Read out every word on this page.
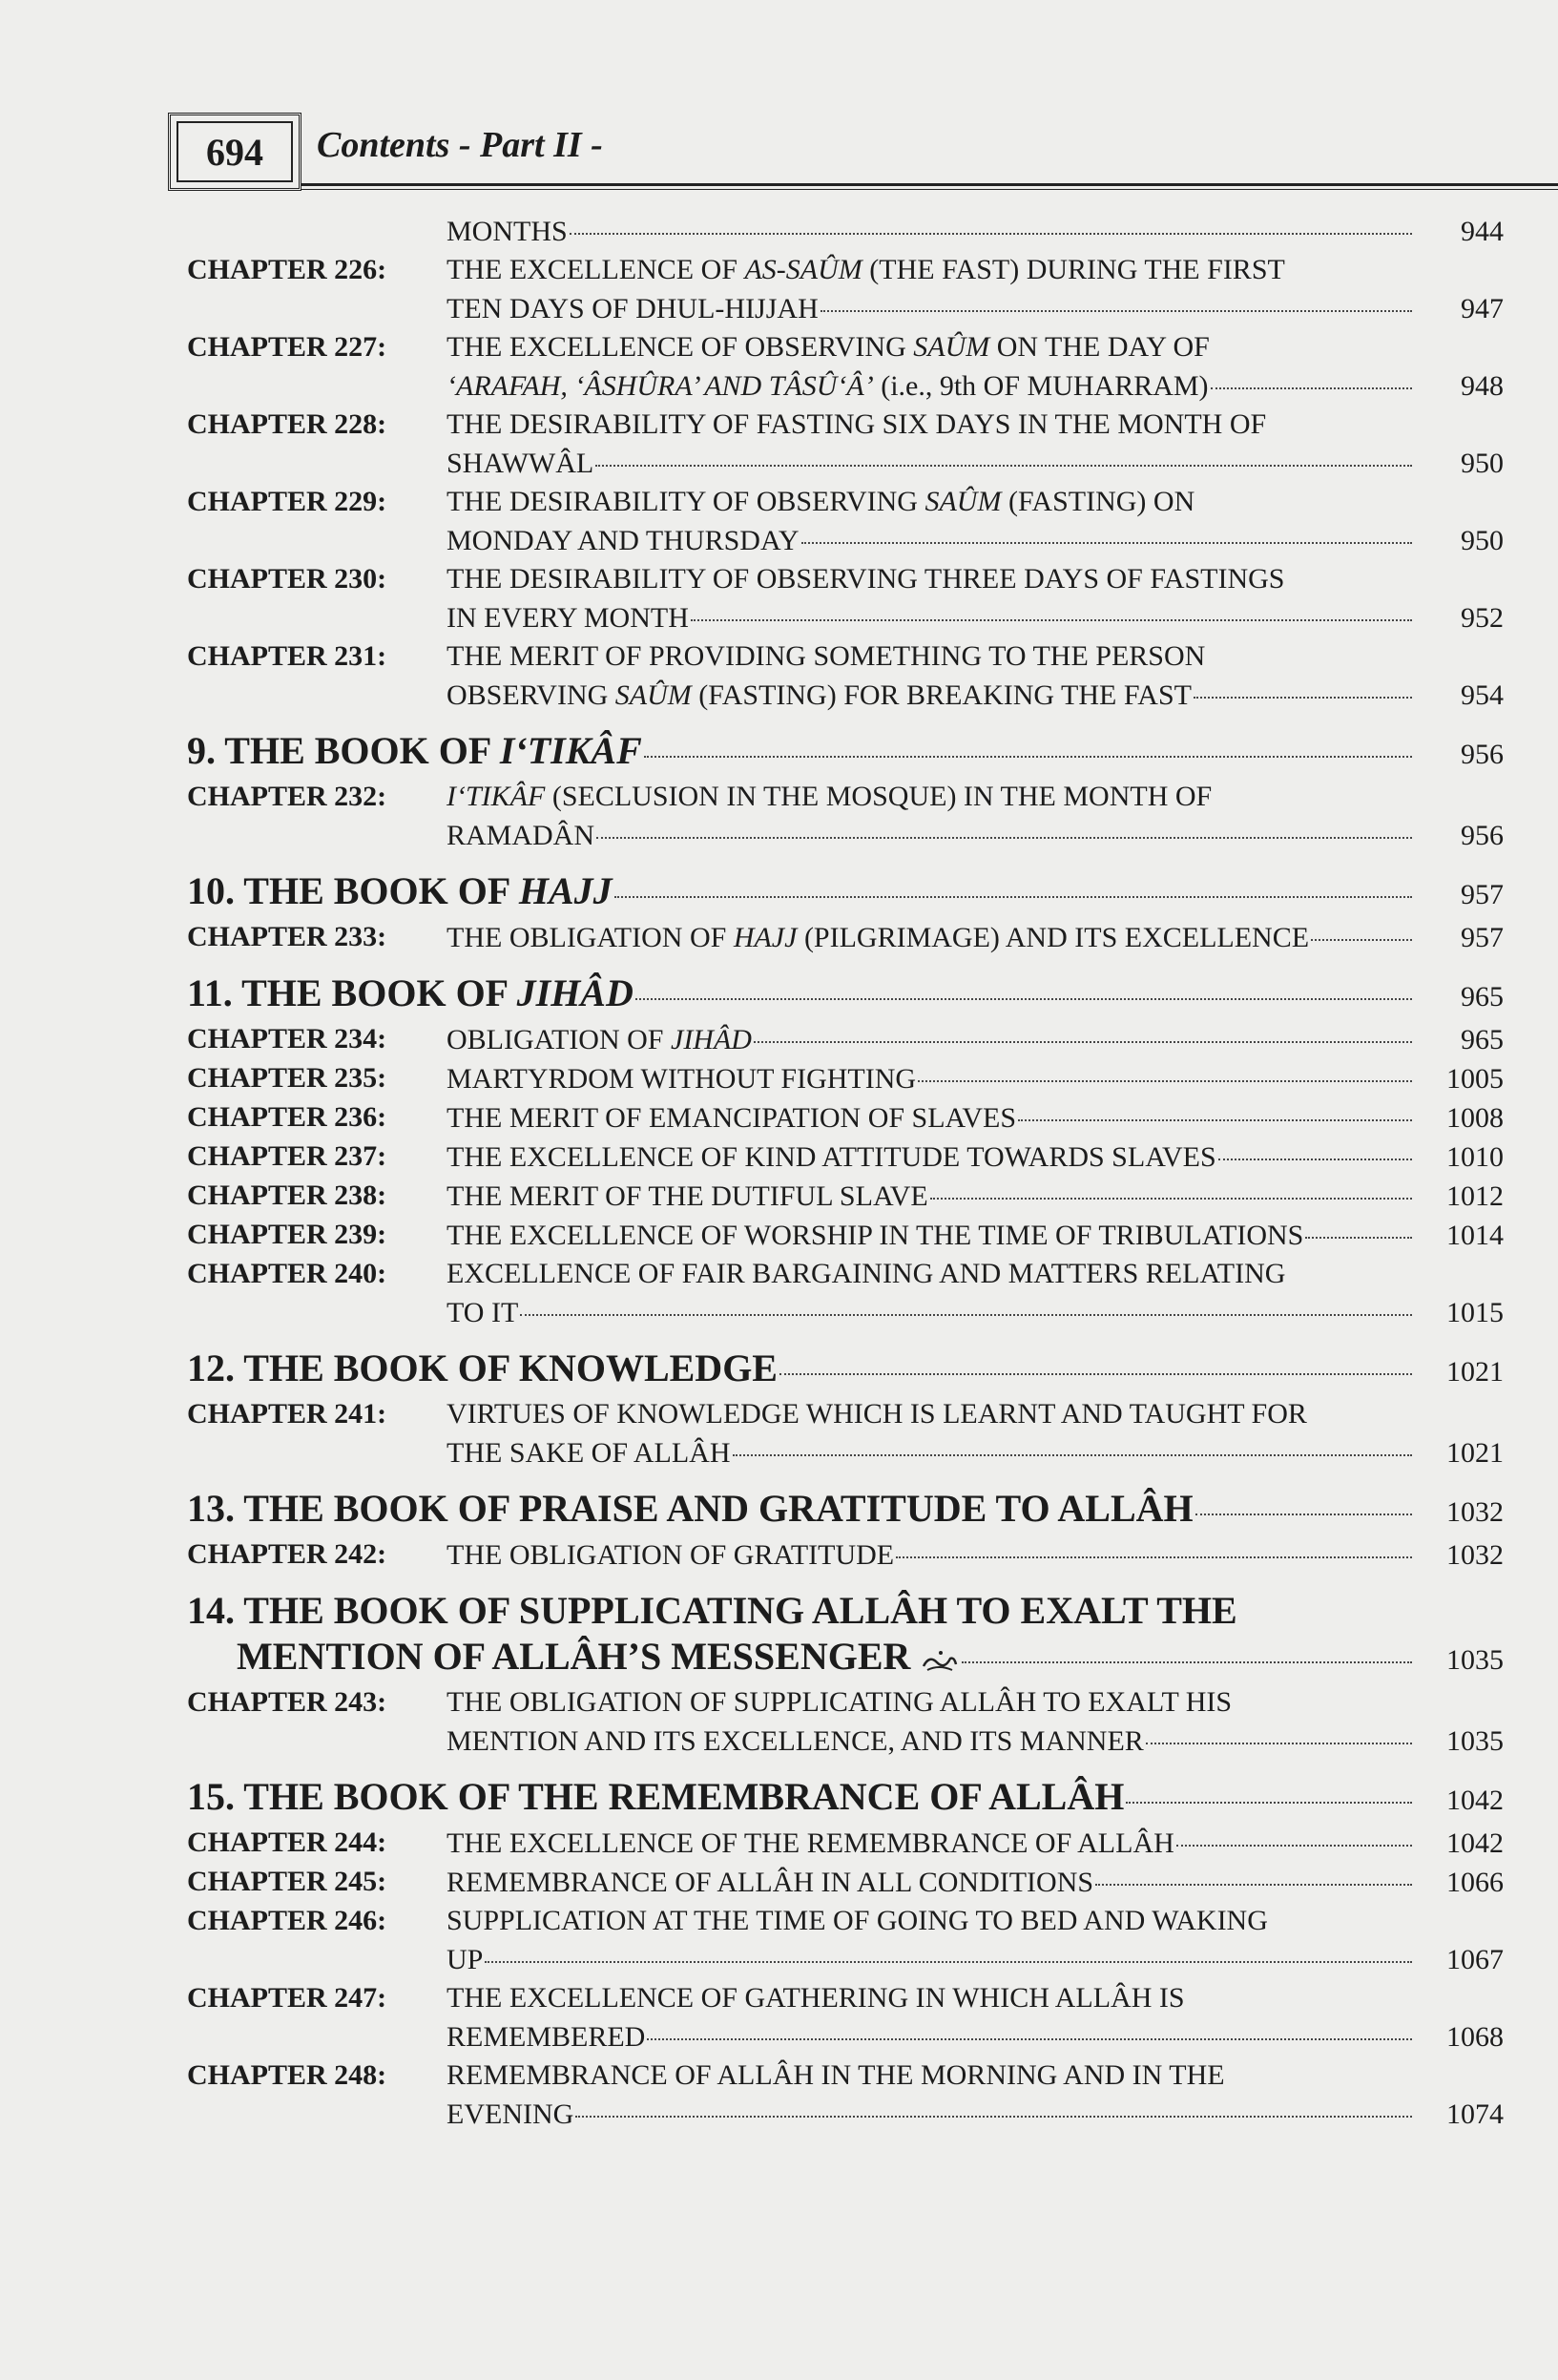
694 Contents - Part II -
MONTHS	944
CHAPTER 226:	THE EXCELLENCE OF AS-SAÛM (THE FAST) DURING THE FIRST
TEN DAYS OF DHUL-HIJJAH	947
CHAPTER 227:	THE EXCELLENCE OF OBSERVING SAÛM ON THE DAY OF
‘ARAFAH, ‘ÂSHÛRA’ AND TÂSÛ‘Â’ (i.e., 9th OF MUHARRAM)	948
CHAPTER 228:	THE DESIRABILITY OF FASTING SIX DAYS IN THE MONTH OF
SHAWWÂL	950
CHAPTER 229:	THE DESIRABILITY OF OBSERVING SAÛM (FASTING) ON
MONDAY AND THURSDAY	950
CHAPTER 230:	THE DESIRABILITY OF OBSERVING THREE DAYS OF FASTINGS
IN EVERY MONTH	952
CHAPTER 231:	THE MERIT OF PROVIDING SOMETHING TO THE PERSON
OBSERVING SAÛM (FASTING) FOR BREAKING THE FAST	954
9. THE BOOK OF I‘TIKÂF	956
CHAPTER 232:	I‘TIKÂF (SECLUSION IN THE MOSQUE) IN THE MONTH OF
RAMADÂN	956
10. THE BOOK OF HAJJ	957
CHAPTER 233:	THE OBLIGATION OF HAJJ (PILGRIMAGE) AND ITS EXCELLENCE	957
11. THE BOOK OF JIHÂD	965
CHAPTER 234:	OBLIGATION OF JIHÂD	965
CHAPTER 235:	MARTYRDOM WITHOUT FIGHTING	1005
CHAPTER 236:	THE MERIT OF EMANCIPATION OF SLAVES	1008
CHAPTER 237:	THE EXCELLENCE OF KIND ATTITUDE TOWARDS SLAVES	1010
CHAPTER 238:	THE MERIT OF THE DUTIFUL SLAVE	1012
CHAPTER 239:	THE EXCELLENCE OF WORSHIP IN THE TIME OF TRIBULATIONS	1014
CHAPTER 240:	EXCELLENCE OF FAIR BARGAINING AND MATTERS RELATING
TO IT	1015
12. THE BOOK OF KNOWLEDGE	1021
CHAPTER 241:	VIRTUES OF KNOWLEDGE WHICH IS LEARNT AND TAUGHT FOR
THE SAKE OF ALLÂH	1021
13. THE BOOK OF PRAISE AND GRATITUDE TO ALLÂH	1032
CHAPTER 242:	THE OBLIGATION OF GRATITUDE	1032
14. THE BOOK OF SUPPLICATING ALLÂH TO EXALT THE
MENTION OF ALLÂH’S MESSENGER	1035
CHAPTER 243:	THE OBLIGATION OF SUPPLICATING ALLÂH TO EXALT HIS
MENTION AND ITS EXCELLENCE, AND ITS MANNER	1035
15. THE BOOK OF THE REMEMBRANCE OF ALLÂH	1042
CHAPTER 244:	THE EXCELLENCE OF THE REMEMBRANCE OF ALLÂH	1042
CHAPTER 245:	REMEMBRANCE OF ALLÂH IN ALL CONDITIONS	1066
CHAPTER 246:	SUPPLICATION AT THE TIME OF GOING TO BED AND WAKING
UP	1067
CHAPTER 247:	THE EXCELLENCE OF GATHERING IN WHICH ALLÂH IS
REMEMBERED	1068
CHAPTER 248:	REMEMBRANCE OF ALLÂH IN THE MORNING AND IN THE
EVENING	1074
